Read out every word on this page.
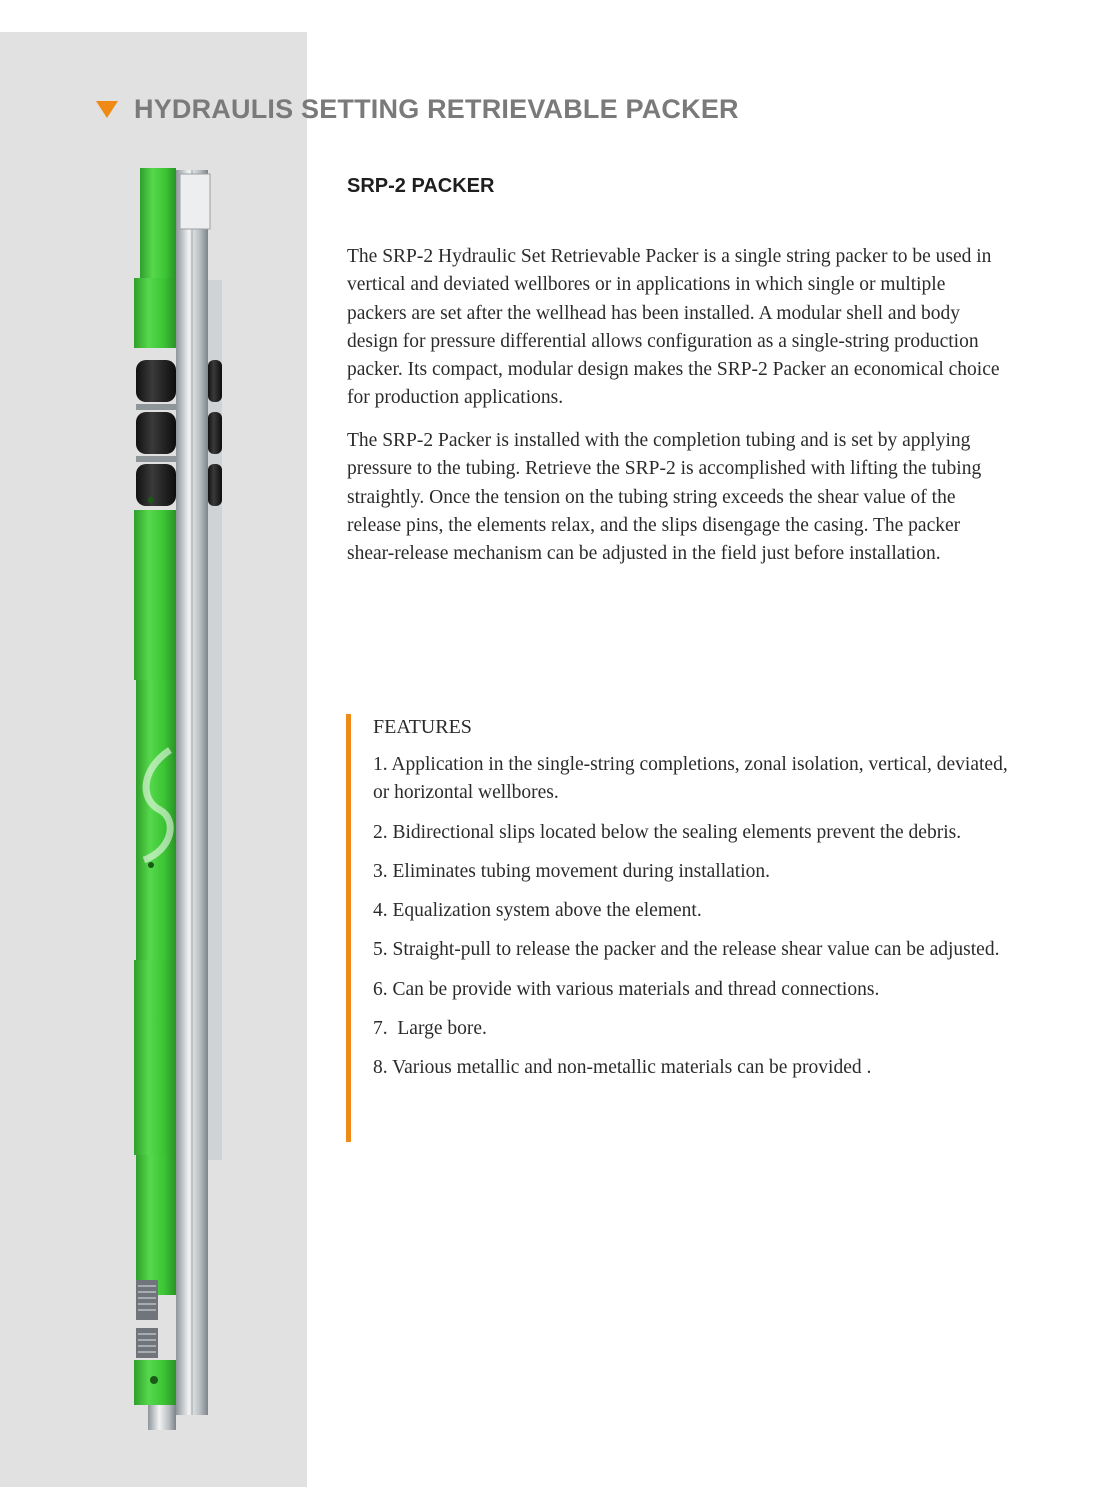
HYDRAULIS SETTING RETRIEVABLE PACKER
SRP-2 PACKER

The SRP-2 Hydraulic Set Retrievable Packer is a single string packer to be used in vertical and deviated wellbores or in applications in which single or multiple packers are set after the wellhead has been installed. A modular shell and body design for pressure differential allows configuration as a single-string production packer. Its compact, modular design makes the SRP-2 Packer an economical choice for production applications.

The SRP-2 Packer is installed with the completion tubing and is set by applying pressure to the tubing. Retrieve the SRP-2 is accomplished with lifting the tubing straightly. Once the tension on the tubing string exceeds the shear value of the release pins, the elements relax, and the slips disengage the casing. The packer shear-release mechanism can be adjusted in the field just before installation.

FEATURES
1. Application in the single-string completions, zonal isolation, vertical, deviated, or horizontal wellbores.
2. Bidirectional slips located below the sealing elements prevent the debris.
3. Eliminates tubing movement during installation.
4. Equalization system above the element.
5. Straight-pull to release the packer and the release shear value can be adjusted.
6. Can be provide with various materials and thread connections.
7.  Large bore.
8. Various metallic and non-metallic materials can be provided .
